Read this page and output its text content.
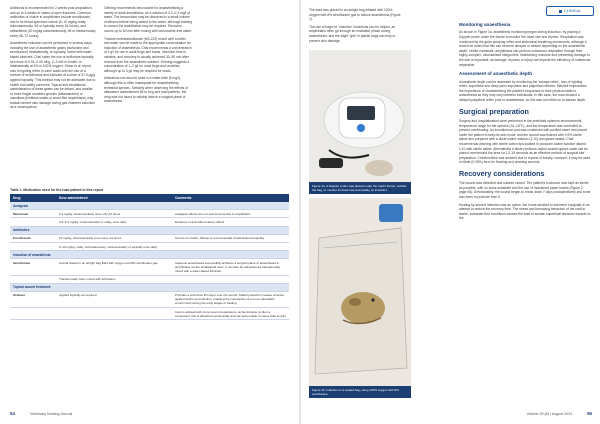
Antibiosis is recommended for 2 weeks post amputation, and up to 6 weeks in cases of open fractures. Common antibiotics of choice in amphibians include enrofloxacin, due to its broad-spectrum nature (5–10 mg/kg orally, subcutaneously, IM or topically every 24 hours), and ceftazidime (20 mg/kg subcutaneously, IM or intravenously every 48–72 hours).

Anaesthetic induction can be performed in several ways, including the use of anaesthetic gases (isoflurane and sevoflurane) inhalationally, or topically, mixed with water-based lubricant. Chai notes the use of isoflurane topically at a dose of 0.01–0.05 ml/g, 2–3 ml/l in a bath, or inhalationally at 5% in 100% oxygen. Stone et al. report loss of righting reflex in cane toads with the use of a mixture of sevoflurane and lubricant at a dose of 37.5 µg/g applied topically. This method may not be advisable due to health and safety concerns. Topical and inhalational administration of these gases can be irritant, and smaller or more fragile urodeles species (salamanders) or caecilians (limbless snake-or worm-like amphibians) may sustain severe skin damage during gas chamber induction as a consequence.

Gehring recommends benzocaine for anaesthetising a variety of adult amphibians, as a solution of 0.2–0.3 mg/l of water. The benzocaine may be dissolved in a small volume of ethanol before being added to the water, although bathing to correct the acidification may be required. Recovery occurs up to 60 min after rinsing with benzocaine-free water.

Tricaine methanesulfonate (MS-222) mixed with a buffer and water can be made to the appropriate concentration for induction of anaesthesia. Chai recommends a concentration of 1 g/l for use in adult frogs and toads. Induction time is variable, and recovery is usually achieved 30–90 min after removal from the anaesthetic solution. Gehring suggests a concentration of 1–2 g/l for most frogs and urodeles, although up to 3 g/l may be required for toads.

Alfaxalone can also be used in a water bath (5 mg/l), although this is often inadequate for anaesthetising terrestrial species. Similarly when observing the effects of alfaxalone administered IM to frog and toad patients, the drug was not found to reliably induce a surgical plane of anaesthesia.

Table 1. Medication used for the toad patient in this report
Drug	Dose administered	Comments
Analgesia		
Meloxicam	0.4 mg/kg, intramuscularly once only 24 hours	Analgesic effects are not well documented in amphibians
	0.2–0.4 mg/kg, intramuscularly or orally, once daily	Evidence of anti-inflammatory effects
Antibiotics		
Enrofloxacin	10 mg/kg, intramuscularly once every 24 hours	Can be an irritant, dilution is recommended if administered topically
	5–10 mg/kg, orally, subcutaneously, intramuscularly or topically once daily	
Induction of anaesthesia		
Sevoflurane	Animal placed in an airtight bag filled with oxygen and 8% sevoflurane gas	Gaseous anaesthesia successfully achieves a surgical plane of anaesthesia in amphibians via the inhalational route. It can also be administered transdermally mixed with a water-based lubricant
	Transdermally when mixed with lubrication	
Topical wound treatment		
Orabase	Applied topically as required	Provides a protective film layer over the wound. Added protection creates a barrier against debris and infection, enabling the introduction of a more naturalistic environment during the early stages of healing
		Care is advised with more recent preparations, as benzocaine is often a component; this is absorbed systemically and can accumulate to cause fatal toxicity
54	Veterinary Nursing Journal
CLINICAL

The toad was placed in an airtight bag inflated with 100% oxygen with 8% sevoflurane gas to induce anaesthesia (Figure 1).

The use of bags for 'chamber' inductions can be helpful, as amphibians often go through an excitation phase during anaesthesia, and the slight 'give' in plastic bags can help to prevent skin damage.

Figure 1a. A Doppler probe was placed under the toad's thorax, outside the bag, to monitor its heart rate and quality on induction.
Figure 1b. Induction in a sealed bag, using 100% oxygen with 8% sevoflurane.
Monitoring anaesthesia

As shown in Figure 1a, anaesthetic monitoring began during induction, by placing a Doppler probe under the thorax to monitor the heart rate and rhythm. Respiration was monitored by the gular pumping reflex and abdominal breathing movements, although it should be noted that this can become delayed or absent depending on the anaesthetic depth. Unlike mammals, amphibians can perform cutaneous respiration through their highly-complex, vascularised integument. Maintaining moisture and preventing damage to the skin is important, as damage, dryness or injury can impede the efficiency of cutaneous respiration.

Assessment of anaesthetic depth

Anaesthetic depth can be assessed by monitoring the 'escape reflex', loss of righting reflex, superficial and deep pain responses and palpebral reflexes. Mitchell emphasises the importance of characterising the patient's responses to their physical state to anaesthesia as they may vary between individuals. In this case, the toad showed a delayed palpebral reflex prior to anaesthesia, so this was not relied on to assess depth.

Surgical preparation

Surgery and hospitalisation were performed in the predicted optimum environmental temperature range for the species (16–18°C), and the temperature was controlled to prevent overheating. An incontinence pad was moistened with purified water and placed under the patient to keep its skin moist, and the wound was flushed with 0.9% sterile saline and prepared with a dilute iodine solution (1:10) and gauze swabs. Chai recommends cleaning with sterile cotton tips soaked in povidone-iodine solution diluted 1:10 with sterile saline. Alternatively a dilute povidone-iodine-soaked gauze swab can be placed over/around the area for 10–15 seconds as an effective method of surgical site preparation. Chlorhexidine was avoided due to reports of toxicity; however, it may be used in dilute (0.05%) form for flushing and cleaning wounds.

Recovery considerations

The wound was debrided and sutured closed. The patient's enclosure was kept as sterile as possible, with no loose substrate and the use of moistened paper towels (Figure 2, page 56). Unfortunately, the wound began to break down 7 days postoperatively and bone was seen to protrude from it.

Healing by second intention was an option, but it was decided to intervene surgically in an attempt to reduce the recovery time. The stress and burrowing behaviour of the toad in sterile, substrate-free conditions caused the toad to sustain superficial abrasion wounds to the

Volume 39 (8) • August 2024	55
